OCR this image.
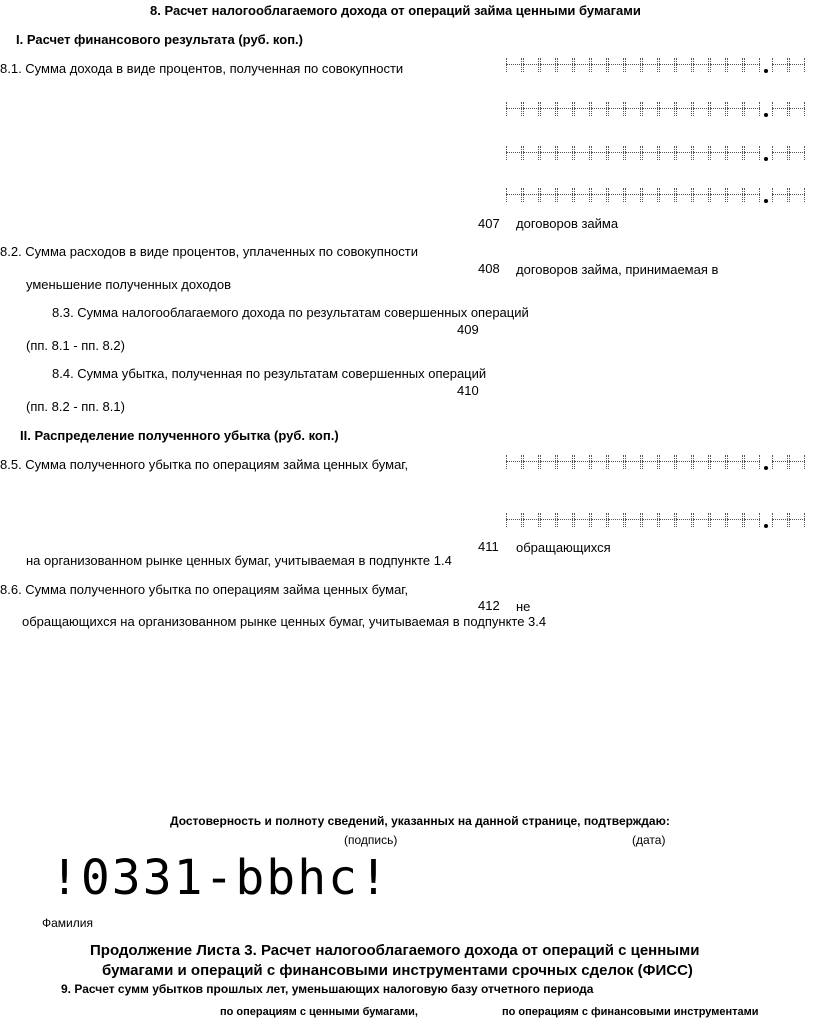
8. Расчет налогооблагаемого дохода от операций займа ценными бумагами
I. Расчет финансового результата (руб. коп.)
8.1. Сумма дохода в виде процентов, полученная по совокупности
407 договоров займа
8.2. Сумма расходов в виде процентов, уплаченных по совокупности
408 договоров займа, принимаемая в
уменьшение полученных доходов
8.3. Сумма налогооблагаемого дохода по результатам совершенных операций
409
(пп. 8.1 - пп. 8.2)
8.4. Сумма убытка, полученная по результатам совершенных операций
410
(пп. 8.2 - пп. 8.1)
II. Распределение полученного убытка (руб. коп.)
8.5. Сумма полученного убытка по операциям займа ценных бумаг,
411 обращающихся
на организованном рынке ценных бумаг, учитываемая в подпункте 1.4
8.6. Сумма полученного убытка по операциям займа ценных бумаг,
412 не
обращающихся на организованном рынке ценных бумаг, учитываемая в подпункте 3.4
Достоверность и полноту сведений, указанных на данной странице, подтверждаю:
(подпись)	(дата)
!0331-bbhc!
Фамилия
Продолжение Листа 3. Расчет налогооблагаемого дохода от операций с ценными
бумагами и операций с финансовыми инструментами срочных сделок (ФИСС)
9. Расчет сумм убытков прошлых лет, уменьшающих налоговую базу отчетного периода
по операциям с ценными бумагами,	по операциям с финансовыми инструментами
